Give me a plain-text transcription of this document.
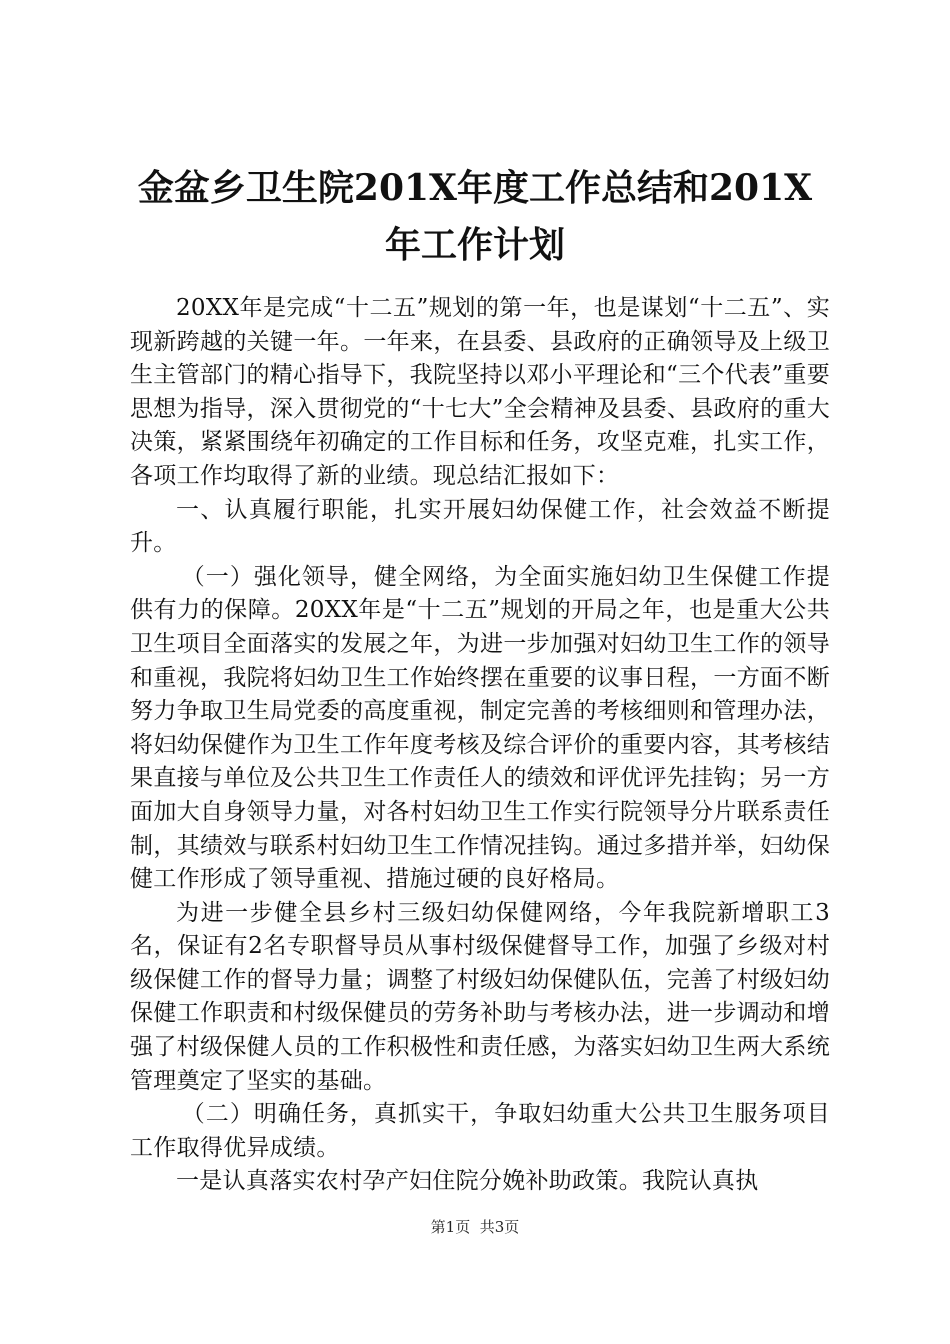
金盆乡卫生院201X年度工作总结和201X年工作计划

20XX年是完成“十二五”规划的第一年，也是谋划“十二五”、实现新跨越的关键一年。一年来，在县委、县政府的正确领导及上级卫生主管部门的精心指导下，我院坚持以邓小平理论和“三个代表”重要思想为指导，深入贯彻党的“十七大”全会精神及县委、县政府的重大决策，紧紧围绕年初确定的工作目标和任务，攻坚克难，扎实工作，各项工作均取得了新的业绩。现总结汇报如下：

一、认真履行职能，扎实开展妇幼保健工作，社会效益不断提升。

（一）强化领导，健全网络，为全面实施妇幼卫生保健工作提供有力的保障。20XX年是“十二五”规划的开局之年，也是重大公共卫生项目全面落实的发展之年，为进一步加强对妇幼卫生工作的领导和重视，我院将妇幼卫生工作始终摆在重要的议事日程，一方面不断努力争取卫生局党委的高度重视，制定完善的考核细则和管理办法，将妇幼保健作为卫生工作年度考核及综合评价的重要内容，其考核结果直接与单位及公共卫生工作责任人的绩效和评优评先挂钩；另一方面加大自身领导力量，对各村妇幼卫生工作实行院领导分片联系责任制，其绩效与联系村妇幼卫生工作情况挂钩。通过多措并举，妇幼保健工作形成了领导重视、措施过硬的良好格局。

为进一步健全县乡村三级妇幼保健网络，今年我院新增职工3名，保证有2名专职督导员从事村级保健督导工作，加强了乡级对村级保健工作的督导力量；调整了村级妇幼保健队伍，完善了村级妇幼保健工作职责和村级保健员的劳务补助与考核办法，进一步调动和增强了村级保健人员的工作积极性和责任感，为落实妇幼卫生两大系统管理奠定了坚实的基础。

（二）明确任务，真抓实干，争取妇幼重大公共卫生服务项目工作取得优异成绩。

一是认真落实农村孕产妇住院分娩补助政策。我院认真执

第1页 共3页
